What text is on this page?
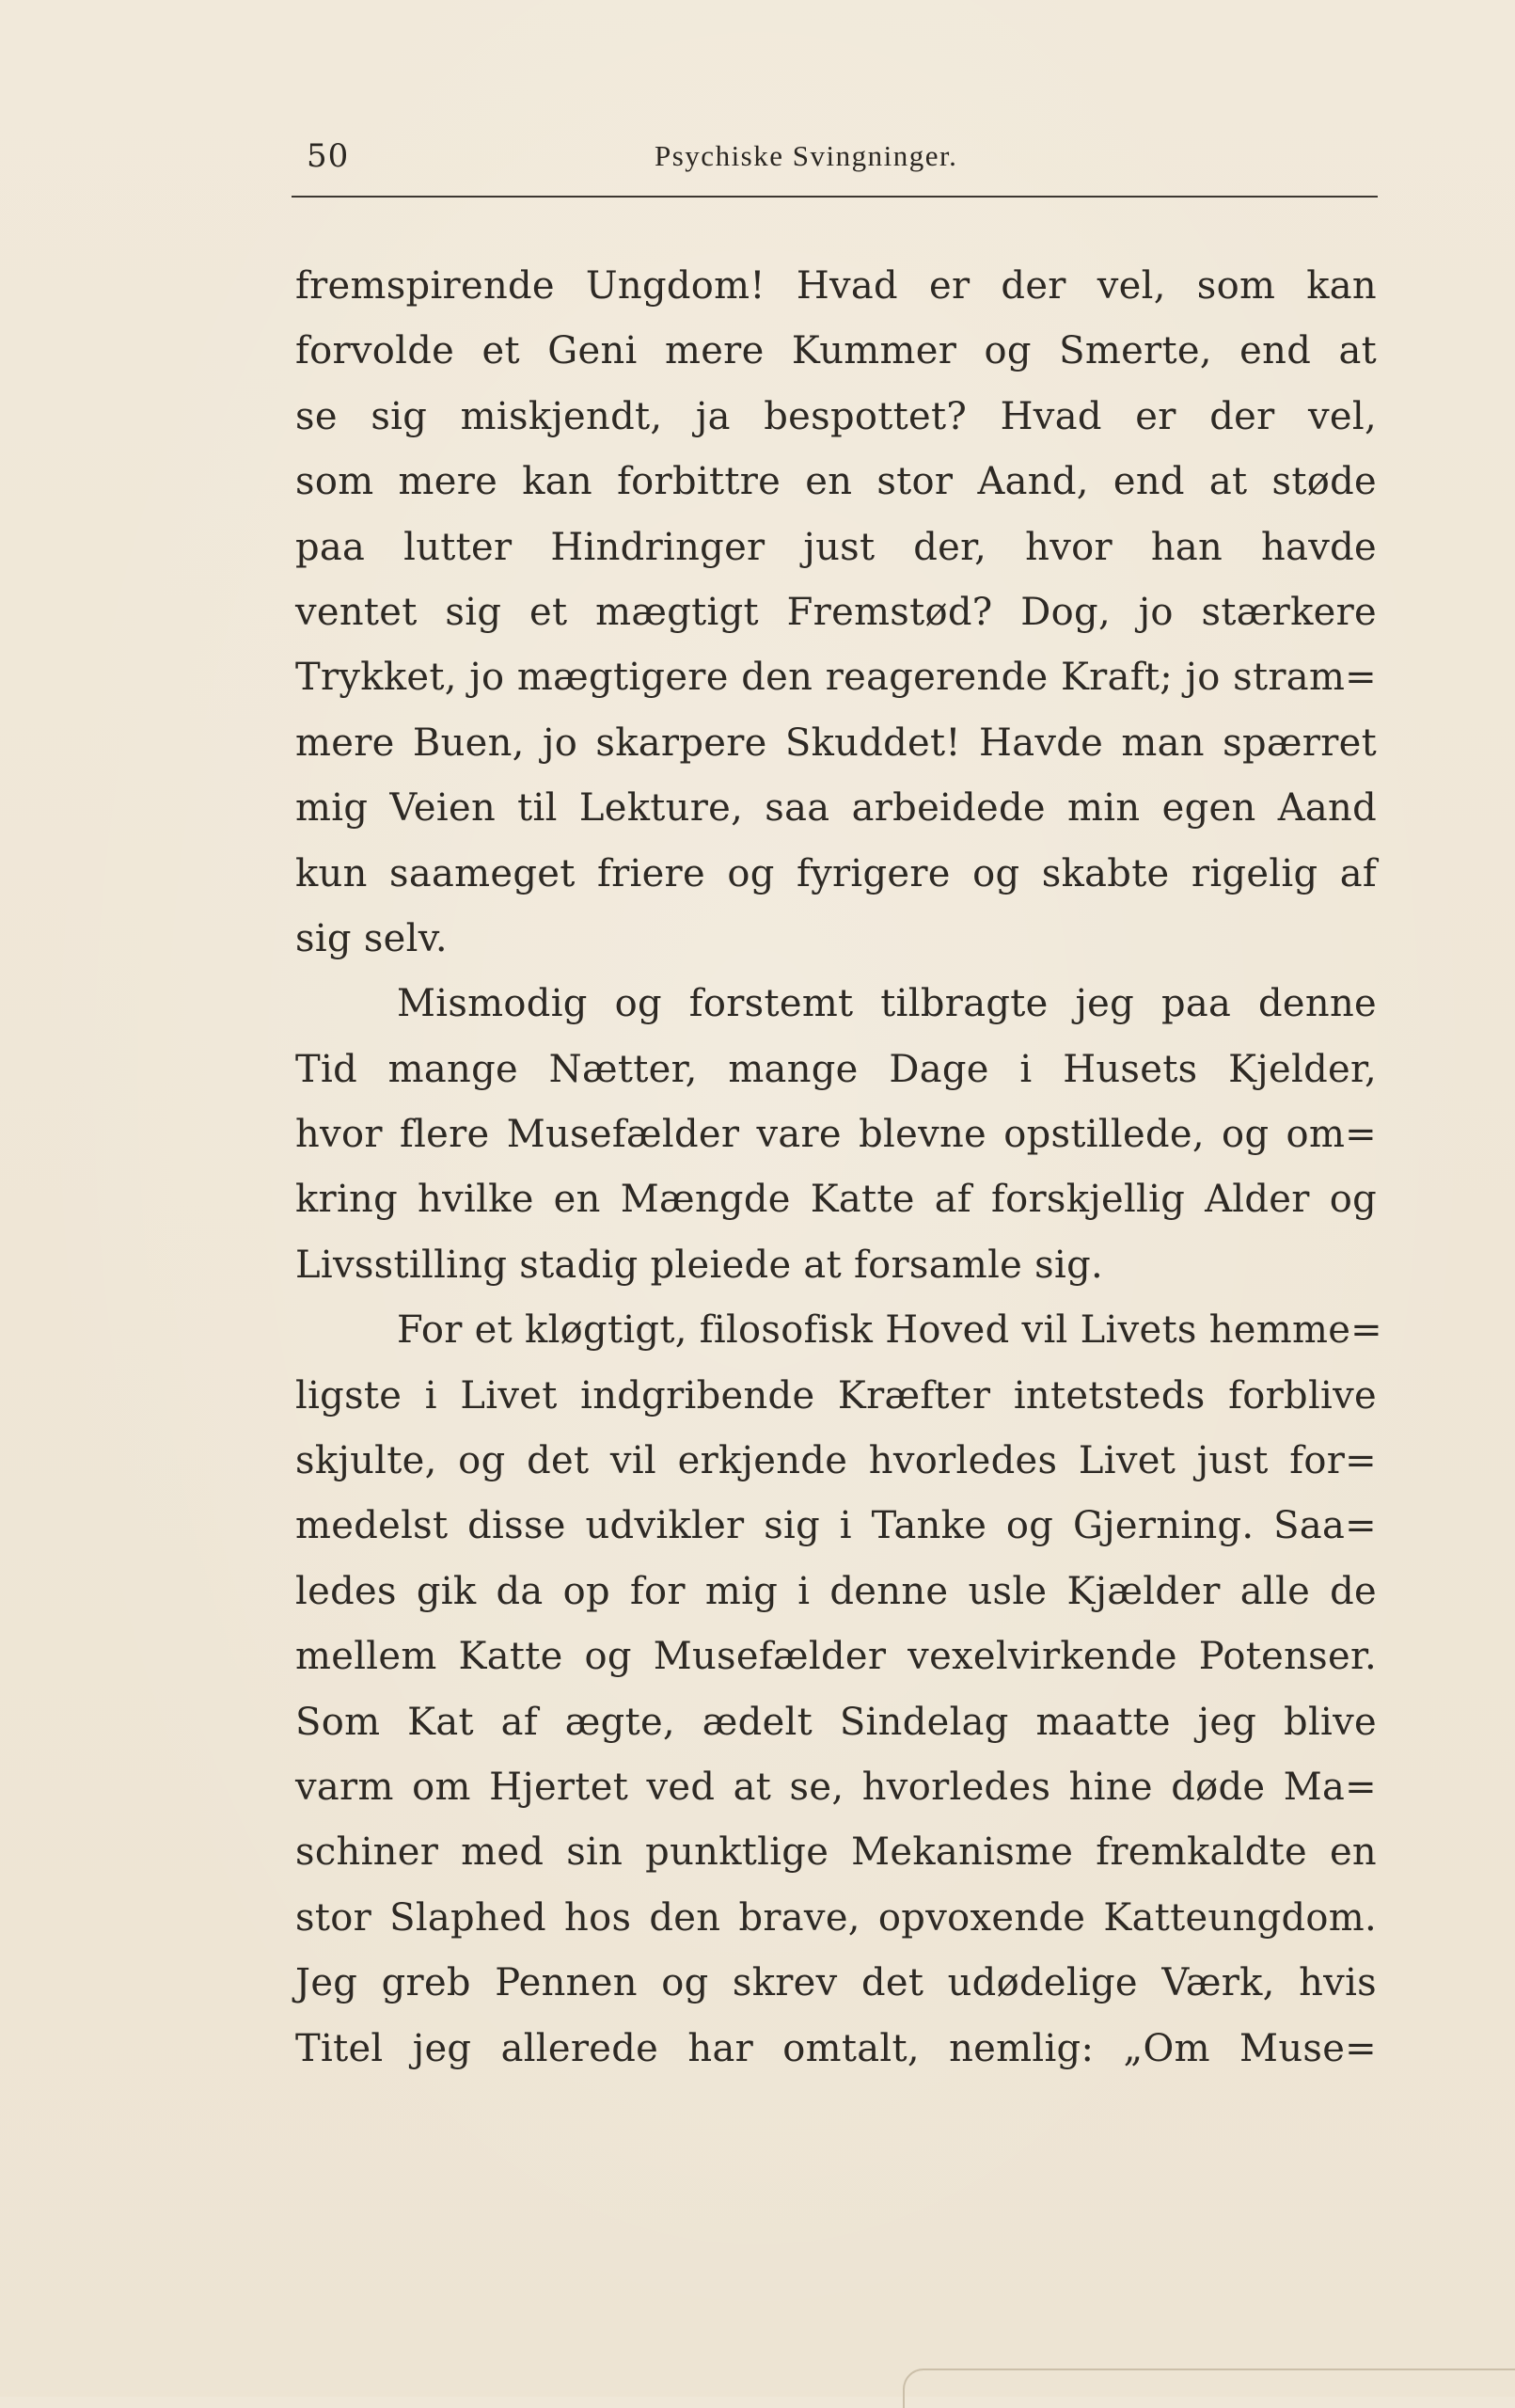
50	Psychiske Svingninger.
fremspirende Ungdom! Hvad er der vel, som kan
forvolde et Geni mere Kummer og Smerte, end at
se sig miskjendt, ja bespottet? Hvad er der vel,
som mere kan forbittre en stor Aand, end at støde
paa lutter Hindringer just der, hvor han havde
ventet sig et mægtigt Fremstød? Dog, jo stærkere
Trykket, jo mægtigere den reagerende Kraft; jo stram=
mere Buen, jo skarpere Skuddet! Havde man spærret
mig Veien til Lekture, saa arbeidede min egen Aand
kun saameget friere og fyrigere og skabte rigelig af
sig selv.
Mismodig og forstemt tilbragte jeg paa denne
Tid mange Nætter, mange Dage i Husets Kjelder,
hvor flere Musefælder vare blevne opstillede, og om=
kring hvilke en Mængde Katte af forskjellig Alder og
Livsstilling stadig pleiede at forsamle sig.
For et kløgtigt, filosofisk Hoved vil Livets hemme=
ligste i Livet indgribende Kræfter intetsteds forblive
skjulte, og det vil erkjende hvorledes Livet just for=
medelst disse udvikler sig i Tanke og Gjerning. Saa=
ledes gik da op for mig i denne usle Kjælder alle de
mellem Katte og Musefælder vexelvirkende Potenser.
Som Kat af ægte, ædelt Sindelag maatte jeg blive
varm om Hjertet ved at se, hvorledes hine døde Ma=
schiner med sin punktlige Mekanisme fremkaldte en
stor Slaphed hos den brave, opvoxende Katteungdom.
Jeg greb Pennen og skrev det udødelige Værk, hvis
Titel jeg allerede har omtalt, nemlig: „Om Muse=
